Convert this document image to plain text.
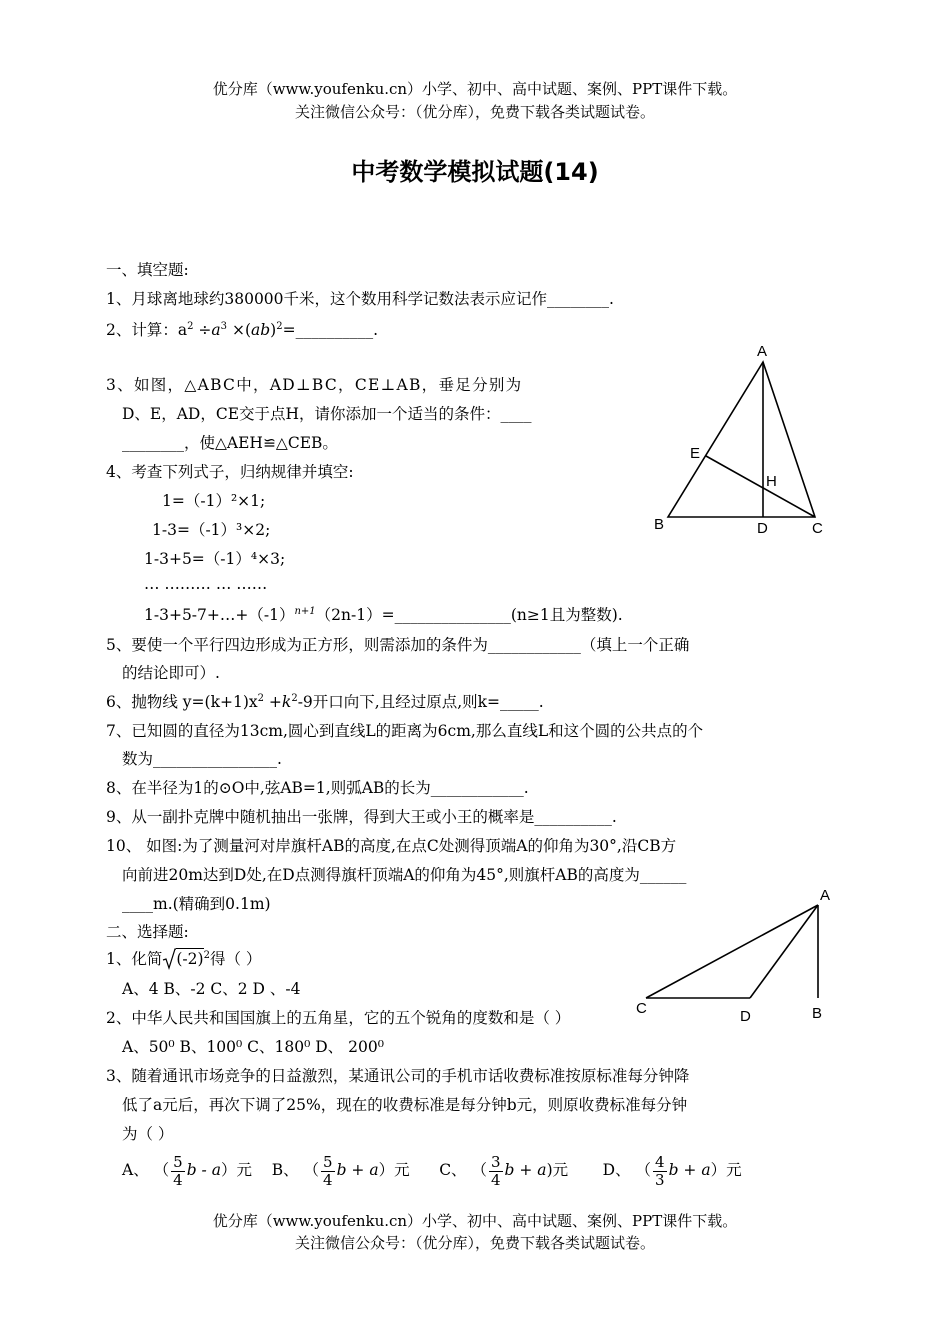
优分库（www.youfenku.cn）小学、初中、高中试题、案例、PPT课件下载。
关注微信公众号：（优分库），免费下载各类试题试卷。
中考数学模拟试题(14)
一、填空题:
1、月球离地球约380000千米，这个数用科学记数法表示应记作________.
2、计算：$a^2 \div a^3$ ×(ab)$^2$=__________.
3、如图，△ABC中，AD⊥BC，CE⊥AB，垂足分别为
D、E，AD，CE交于点H，请你添加一个适当的条件：____
________，使△AEH≌△CEB。
4、考查下列式子，归纳规律并填空:
1=（-1）²×1;
1-3=（-1）³×2;
1-3+5=（-1）⁴×3;
… ……… … ……
$1-3+5-7+\dots+(-1)^{n+1}(2n-1)=\_\_\_\_\_\_\_\_\_\_\_\_\_\_\_(n\ge 1$且为整数).
5、要使一个平行四边形成为正方形，则需添加的条件为____________（填上一个正确
的结论即可）.
6、抛物线 $y=(k+1)x^2 +k^2-9$开口向下,且经过原点,则k=_____.
7、已知圆的直径为13cm,圆心到直线L的距离为6cm,那么直线L和这个圆的公共点的个
数为________________.
8、在半径为1的⊙O中,弦AB=1,则弧AB的长为____________.
9、从一副扑克牌中随机抽出一张牌，得到大王或小王的概率是__________.
10、 如图:为了测量河对岸旗杆AB的高度,在点C处测得顶端A的仰角为30°,沿CB方
向前进20m达到D处,在D点测得旗杆顶端A的仰角为45°,则旗杆AB的高度为______
____m.(精确到0.1m)
二、选择题:
1、化简 $(-2)^2$得（ ）
A、4 B、-2 C、2 D 、-4
2、中华人民共和国国旗上的五角星，它的五个锐角的度数和是（ ）
A、50⁰ B、100⁰ C、180⁰ D、 200⁰
3、随着通讯市场竞争的日益激烈，某通讯公司的手机市话收费标准按原标准每分钟降
低了a元后，再次下调了25%，现在的收费标准是每分钟b元，则原收费标准每分钟
为（ ）
A、 （ $\frac{5}{4}$ b - a）元 B、 （ $\frac{5}{4}$ b + a）元 C、 （ $\frac{3}{4}$ b + a)元 D、 （ $\frac{4}{3}$ b + a）元
A
E
H
B	D	C
A
C	D	B
优分库（www.youfenku.cn）小学、初中、高中试题、案例、PPT课件下载。
关注微信公众号：（优分库），免费下载各类试题试卷。
